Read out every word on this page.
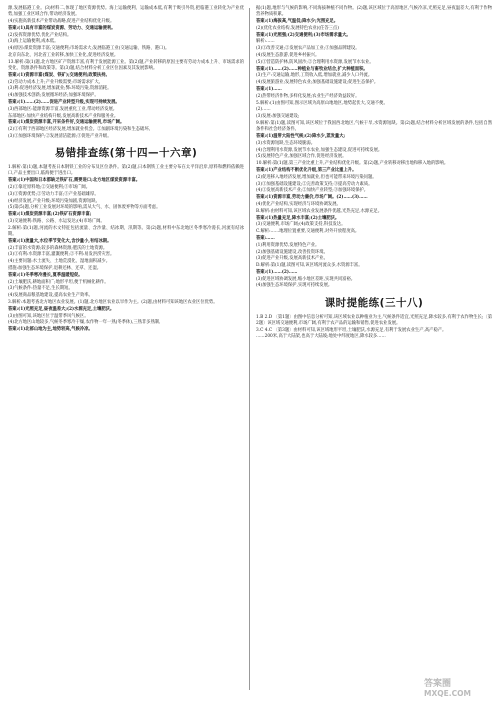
源,发展临港工业。(3)材料二,体现了地区资源优势。海上运输便利、运输成本低,有利于吸引外资,把临港工业转化为产业优势,加强工业区域合作,带动经济发展。

(4)实施高新技术产业带动战略,促进产业结构优化升级。

答案:(1)具有丰富的煤炭资源、劳动力、交通运输便利。

(2)发挥资源优势,优化产业结构。

(3)海上运输便利,成本低。

(4)原因:煤炭资源丰富;交通便利;市场需求大;发展临港工业(交通运输、铁路、港口)。

北京向东北、河北省工业转移,加快工业化,促进经济发展。

13.解析:第(1)题,北方地区矿产资源丰富,有利于发展能源工业。第(2)题,产业转移的原因主要有劳动力成本上升、市场需求的变化、资源条件和政策等。第(3)题,结合材料分析工业区位因素及其发展影响。

答案:(1)资源丰富(煤炭、铁矿);交通便利;政策扶持。

(2)劳动力成本上升;产业升级需要;市场需求扩大。

(3)利:促进经济发展,增加就业;弊:环境污染,资源消耗。

(4)加强技术创新;发展循环经济;加强环境保护。

答案:(1)……(2)……促进产业转型升级,实现可持续发展。

(3)西部地区:能源资源丰富,发展重化工业,带动经济发展。

东部地区:加快产业结构升级,发展高新技术产业和服务业。

答案:(1)煤炭资源丰富,开采条件好,交通运输便利,市场广阔。

(2)①有利于西部地区经济发展,增加就业机会。②加剧环境污染和生态破坏。

(3)①加强环境保护;②发展清洁能源;③促进产业升级。

易错排查练(第十四—十六章)

1.解析:第(1)题,本题考查日本钢铁工业的分布及区位条件。第(2)题,日本钢铁工业主要分布在太平洋沿岸,原料和燃料依赖进口,产品主要出口,临海便于进出口。

答案:(1)中国和日本都缺乏铁矿石,需要进口;北方地区煤炭资源丰富。

(2)①靠近原料地;②交通便利;③市场广阔。

(3)①资源优势;②劳动力丰富;③产业基础雄厚。

(4)经济发展,产业升级;环境污染加剧,资源短缺。

(5)第(5)题,分析工业发展对环境的影响,需从大气、水、固体废弃物等方面考虑。

答案:(1)煤炭资源丰富;(2)铁矿石资源丰富;

(3)交通便利:铁路、公路、水运发达;(4)市场广阔。

2.解析:第(1)题,河流的水文特征包括流量、含沙量、结冰期、汛期等。第(2)题,材料中东北地区冬季寒冷漫长,河流有结冰期。

答案:(1)流量大,水位季节变化大,含沙量小,有结冰期。

(2)丰富的水资源;较多的森林资源;肥沃的土地资源。

(3)①有利:水资源丰富,灌溉便利;②不利:易发洪涝灾害。

(4)主要问题:水土流失、土地荒漠化、湿地面积减少。

措施:加强生态环境保护,退耕还林、还草、还湿。

答案:(1)冬季寒冷漫长,夏季温暖短促。

(2)土壤肥沃,耕地面积广;地形平坦,便于机械化耕作。

(3)气候条件:热量不足,生长期短。

(4)发展商品粮基地建设,提高农业生产效率。

3.解析:本题考查北方地区农业发展。(1)题,北方地区农业以旱作为主。(2)题,由材料可知该地区农业区位优势。

答案:(1)光照充足,昼夜温差大;(2)水源充足,土壤肥沃。

(3)由图可知,该地区位于温带季风气候区。

(4)北方地区山地较多,气候冬季寒冷干燥,农作物一年一熟(冬季休),三熟非多熟制,

答案:(1)北部山地为主,地势较高,气候冷凉。

据(1)题,地形与气候的影响,不同海拔种植不同作物。(2)题,该区域位于高原地区,气候冷凉,光照充足,昼夜温差大,有利于作物营养物质积累。

答案:(1)海拔高,气温低;降水少;光照充足。

(2)(优化农业结构,发展特色农业)(任答三点)

答案:(1)光照强;(2)交通便利;(3)市场需求量大。

解析:……

(3)①改善交通;②发展农产品加工业;③加强品牌建设。

(4)发展生态旅游,促进乡村振兴。

(5)①营造防护林,防风固沙;②合理利用水资源,发展节水农业。

答案:(1)……(2)……种植业与畜牧业结合,扩大种植面积。

(3)生产:交通运输,地形,工资收入低,增加就业,减少人口外流。

(4)发展旅游业;发展特色农业;加强基础设施建设;促进生态保护。

答案:(1)……

(2)热带经济作物,多样化发展;农业生产经济效益较好。

5.解析:(1)由图可知,图示区域为高原山地地区,地势起伏大,交通不便。

(2)……

(3)发展:加强交通建设;

9.解析:第(1)题,读图可知,该区域位于我国西北地区,气候干旱,水资源短缺。第(2)题,结合材料分析区域发展的条件,包括自然条件和社会经济条件。

答案:(1)温带大陆性气候;(2)降水少,蒸发量大;

(3)水资源短缺,生态环境脆弱。

(4)合理利用水资源,发展节水农业,加强生态建设,促进可持续发展。

(5)发展特色产业,加强区域合作,促进经济发展。

10.解析:第(1)题,第三产业比重上升,产业结构优化升级。第(2)题,产业转移对移出地和移入地的影响。

答案:(1)产业结构不断优化升级,第三产业比重上升。

(2)促进移入地经济发展,增加就业,但也可能带来环境污染问题。

(3)①加强基础设施建设;②完善政策支持;③提高劳动力素质。

(4)①发展高新技术产业;②加快产业转型;③加强环境保护。

答案:(1)资源丰富,劳动力廉价,市场广阔。(2)……(3)……

(4)优化产业结构,实现经济与环境协调发展。

B.解析:由材料可知,该区域农业发展条件优越,光热充足,水源充足。

答案:(1)热量充足,降水丰富;(2)土壤肥沃。

(3)交通便利,市场广阔;(4)政策支持,科技发达。

C.解析:……地理位置重要,交通便利,对外开放程度高。

答案:……

(1)利用资源优势,发展特色产业。

(2)加强基础设施建设,改善投资环境。

(3)促进产业升级,发展高新技术产业。

D.解析:第(1)题,读图可知,该区域河流众多,水资源丰富。

答案:(1)……(2)……

(3)促进区域协调发展,缩小地区差距,实现共同富裕。

(4)加强生态环境保护,实现可持续发展。

课时提能练(三十八)

1.B 2.D 〔第1题〕由图中信息分析可知,该区域农业以种植业为主,气候条件适宜,光照充足,降水较多,有利于农作物生长;〔第2题〕该区域交通便利,市场广阔,有利于农产品的运输和销售,促进农业发展。

3.C 4.C 〔第3题〕由材料可知,该区域地形平坦,土壤肥沃,水源充足,有利于发展农业生产,高产稳产。

……200米,高于大陆架,也高于大陆坡;地处中纬度地区,降水较多……

答案圈
MXQE.COM
